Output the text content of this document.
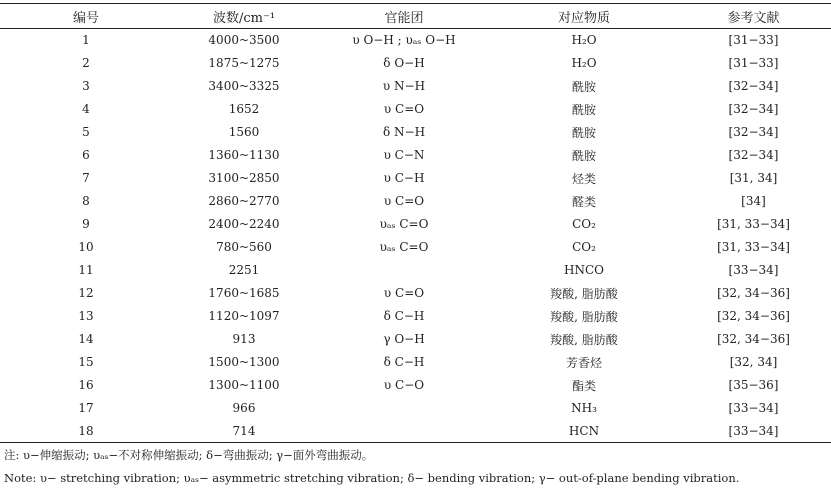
编号	波数/cm⁻¹	官能团	对应物质	参考文献
1	4000~3500	υ O−H ; υₐₛ O−H	H₂O	[31−33]
2	1875~1275	δ O−H	H₂O	[31−33]
3	3400~3325	υ N−H	酰胺	[32−34]
4	1652	υ C=O	酰胺	[32−34]
5	1560	δ N−H	酰胺	[32−34]
6	1360~1130	υ C−N	酰胺	[32−34]
7	3100~2850	υ C−H	烃类	[31, 34]
8	2860~2770	υ C=O	醛类	[34]
9	2400~2240	υₐₛ C=O	CO₂	[31, 33−34]
10	780~560	υₐₛ C=O	CO₂	[31, 33−34]
11	2251		HNCO	[33−34]
12	1760~1685	υ C=O	羧酸, 脂肪酸	[32, 34−36]
13	1120~1097	δ C−H	羧酸, 脂肪酸	[32, 34−36]
14	913	γ O−H	羧酸, 脂肪酸	[32, 34−36]
15	1500~1300	δ C−H	芳香烃	[32, 34]
16	1300~1100	υ C−O	酯类	[35−36]
17	966		NH₃	[33−34]
18	714		HCN	[33−34]
注: υ−伸缩振动; υₐₛ−不对称伸缩振动; δ−弯曲振动; γ−面外弯曲振动。
Note: υ− stretching vibration; υₐₛ− asymmetric stretching vibration; δ− bending vibration; γ− out-of-plane bending vibration.
